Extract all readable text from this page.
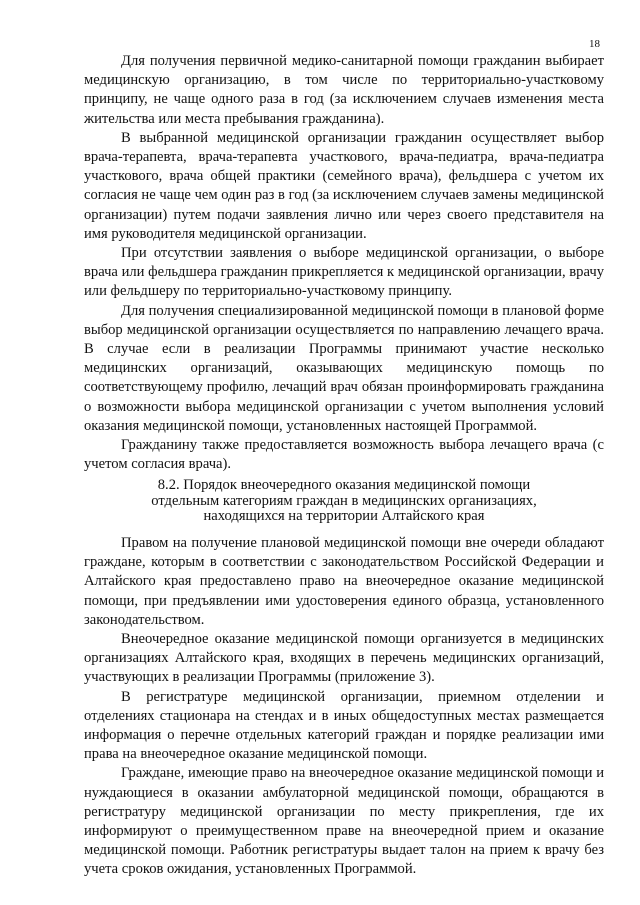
18

Для получения первичной медико-санитарной помощи гражданин выбирает медицинскую организацию, в том числе по территориально-участковому принципу, не чаще одного раза в год (за исключением случаев изменения места жительства или места пребывания гражданина).

В выбранной медицинской организации гражданин осуществляет выбор врача-терапевта, врача-терапевта участкового, врача-педиатра, врача-педиатра участкового, врача общей практики (семейного врача), фельдшера с учетом их согласия не чаще чем один раз в год (за исключением случаев замены медицинской организации) путем подачи заявления лично или через своего представителя на имя руководителя медицинской организации.

При отсутствии заявления о выборе медицинской организации, о выборе врача или фельдшера гражданин прикрепляется к медицинской организации, врачу или фельдшеру по территориально-участковому принципу.

Для получения специализированной медицинской помощи в плановой форме выбор медицинской организации осуществляется по направлению лечащего врача. В случае если в реализации Программы принимают участие несколько медицинских организаций, оказывающих медицинскую помощь по соответствующему профилю, лечащий врач обязан проинформировать гражданина о возможности выбора медицинской организации с учетом выполнения условий оказания медицинской помощи, установленных настоящей Программой.

Гражданину также предоставляется возможность выбора лечащего врача (с учетом согласия врача).

8.2. Порядок внеочередного оказания медицинской помощи
отдельным категориям граждан в медицинских организациях,
находящихся на территории Алтайского края

Правом на получение плановой медицинской помощи вне очереди обладают граждане, которым в соответствии с законодательством Российской Федерации и Алтайского края предоставлено право на внеочередное оказание медицинской помощи, при предъявлении ими удостоверения единого образца, установленного законодательством.

Внеочередное оказание медицинской помощи организуется в медицинских организациях Алтайского края, входящих в перечень медицинских организаций, участвующих в реализации Программы (приложение 3).

В регистратуре медицинской организации, приемном отделении и отделениях стационара на стендах и в иных общедоступных местах размещается информация о перечне отдельных категорий граждан и порядке реализации ими права на внеочередное оказание медицинской помощи.

Граждане, имеющие право на внеочередное оказание медицинской помощи и нуждающиеся в оказании амбулаторной медицинской помощи, обращаются в регистратуру медицинской организации по месту прикрепления, где их информируют о преимущественном праве на внеочередной прием и оказание медицинской помощи. Работник регистратуры выдает талон на прием к врачу без учета сроков ожидания, установленных Программой.
